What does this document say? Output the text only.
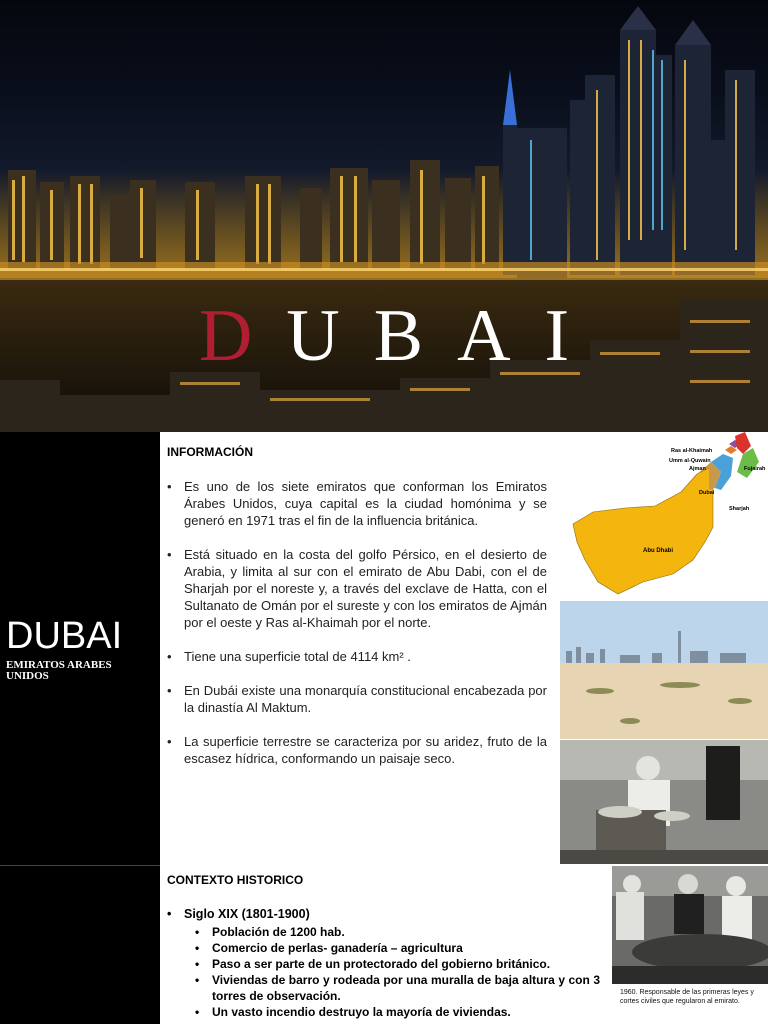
DUBAI
DUBAI
EMIRATOS ARABES UNIDOS
INFORMACIÓN
• Es uno de los siete emiratos que conforman los Emiratos Árabes Unidos, cuya capital es la ciudad homónima y se generó en 1971 tras el fin de la influencia británica.
• Está situado en la costa del golfo Pérsico, en el desierto de Arabia, y limita al sur con el emirato de Abu Dabi, con el de Sharjah por el noreste y, a través del exclave de Hatta, con el Sultanato de Omán por el sureste y con los emiratos de Ajmán por el oeste y Ras al-Khaimah por el norte.
• Tiene una superficie total de 4114 km² .
• En Dubái existe una monarquía constitucional encabezada por la dinastía Al Maktum.
• La superficie terrestre se caracteriza por su aridez, fruto de la escasez hídrica, conformando un paisaje seco.
Ras al-Khaimah
Umm al-Quwain
Ajman	Fujairah
Dubai
Sharjah
Abu Dhabi
1960. Responsable de las primeras leyes y cortes civiles que regularon al emirato.
CONTEXTO HISTORICO
• Siglo XIX (1801-1900)
• Población de 1200 hab.
• Comercio de perlas- ganadería – agricultura
• Paso a ser parte de un protectorado del gobierno británico.
• Viviendas de barro y rodeada por una muralla de baja altura y con 3 torres de observación.
• Un vasto incendio destruyo la mayoría de viviendas.
